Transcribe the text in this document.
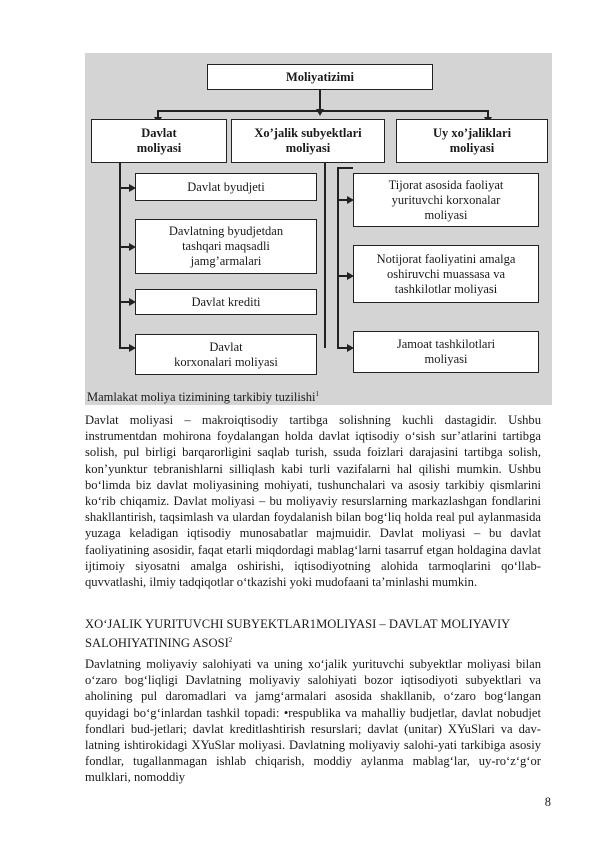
Moliyatizimi
Davlat
moliyasi
Xo’jalik subyektlari
moliyasi
Uy xo’jaliklari
moliyasi
Davlat byudjeti
Davlatning byudjetdan
tashqari maqsadli
jamg’armalari
Davlat krediti
Davlat
korxonalari moliyasi
Tijorat asosida faoliyat
yurituvchi korxonalar
moliyasi
Notijorat faoliyatini amalga
oshiruvchi muassasa va
tashkilotlar moliyasi
Jamoat tashkilotlari
moliyasi
Mamlakat moliya tizimining tarkibiy tuzilishi$^1$
Davlat moliyasi – makroiqtisodiy tartibga solishning kuchli dastagidir. Ushbu instrumentdan mohirona foydalangan holda davlat iqtisodiy o‘sish sur’atlarini tartibga solish, pul birligi barqarorligini saqlab turish, ssuda foizlari darajasini tartibga solish, kon’yunktur tebranishlarni silliqlash kabi turli vazifalarni hal qilishi mumkin. Ushbu bo‘limda biz davlat moliyasining mohiyati, tushunchalari va asosiy tarkibiy qismlarini ko‘rib chiqamiz. Davlat moliyasi – bu moliyaviy resurslarning markazlashgan fondlarini shakllantirish, taqsimlash va ulardan foydalanish bilan bog‘liq holda real pul aylanmasida yuzaga keladigan iqtisodiy munosabatlar majmuidir. Davlat moliyasi – bu davlat faoliyatining asosidir, faqat etarli miqdordagi mablag‘larni tasarruf etgan holdagina davlat ijtimoiy siyosatni amalga oshirishi, iqtisodiyotning alohida tarmoqlarini qo‘llab-quvvatlashi, ilmiy tadqiqotlar o‘tkazishi yoki mudofaani ta’minlashi mumkin.
XO‘JALIK YURITUVCHI SUBYEKTLAR1MOLIYASI – DAVLAT MOLIYAVIY SALOHIYATINING ASOSI$^2$
Davlatning moliyaviy salohiyati va uning xo‘jalik yurituvchi subyektlar moliyasi bilan o‘zaro bog‘liqligi Davlatning moliyaviy salohiyati bozor iqtisodiyoti subyektlari va aholining pul daromadlari va jamg‘armalari asosida shakllanib, o‘zaro bog‘langan quyidagi bo‘g‘inlardan tashkil topadi: •respublika va mahalliy budjetlar, davlat nobudjet fondlari bud-jetlari; davlat kreditlashtirish resurslari; davlat (unitar) XYuSlari va dav-latning ishtirokidagi XYuSlar moliyasi. Davlatning moliyaviy salohi-yati tarkibiga asosiy fondlar, tugallanmagan ishlab chiqarish, moddiy aylanma mablag‘lar, uy-ro‘z‘g‘or mulklari, nomoddiy
8
